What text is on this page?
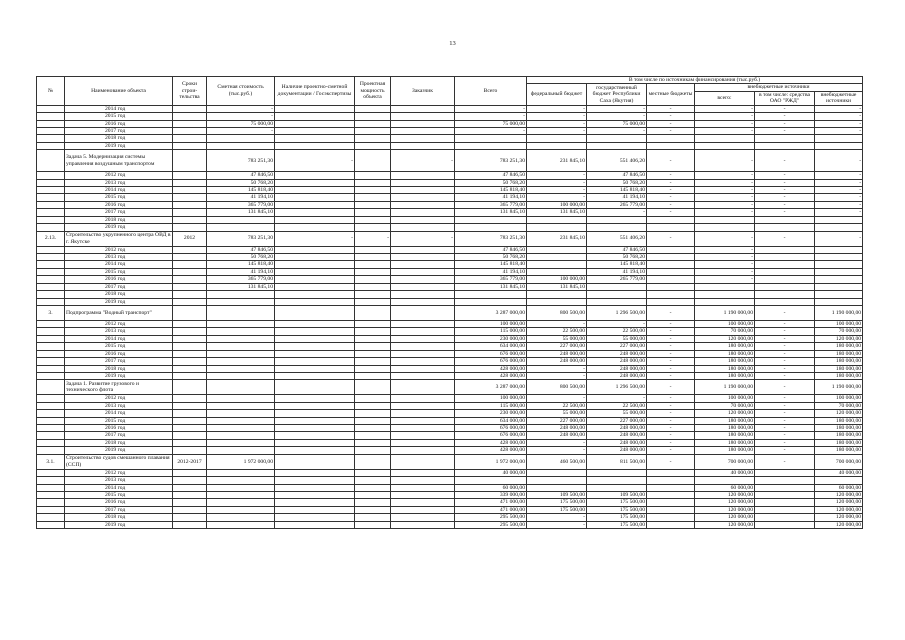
13
№	Наименование объекта	Сроки строи-тельства	Сметная стоимость (тыс.руб.)	Наличие проектно-сметной документации / Госэкспертизы	Проектная мощность объекта	Заказчик	Всего	В том числе по источникам финансирования (тыс.руб.)					
								федеральный бюджет	государственный бюджет Республики Саха (Якутия)	местные бюджеты	внебюджетные источники		
											всего:	в том числе: средства ОАО "РЖД"	внебюджетные источники
	2014 год		-				-	-	-	-	-	-	-
	2015 год		-				-	-	-	-	-	-	-
	2016 год		75 000,00				75 000,00	-	75 000,00	-	-	-	-
	2017 год		-				-	-	-	-	-	-	-
	2018 год												
	2019 год												
	Задача 5. Модернизация системы управления воздушным транспортом		783 251,30	-		-	783 251,30	231 845,10	551 406,20	-	-	-	-
	2012 год		47 846,50				47 846,50	-	47 846,50	-	-	-	-
	2013 год		50 768,20				50 768,20	-	50 768,20	-	-	-	-
	2014 год		145 818,40				145 818,40	-	145 818,40	-	-	-	-
	2015 год		41 194,10				41 194,10	-	41 194,10	-	-	-	-
	2016 год		365 779,00				365 779,00	100 000,00	265 779,00	-	-	-	-
	2017 год		131 845,10				131 845,10	131 845,10	-	-	-	-	-
	2018 год												
	2019 год												
2.13.	Строительство укрупненного центра ОВД в г. Якутске	2012	783 251,30	-	-	-	783 251,30	231 845,10	551 406,20	-	-	-	-
	2012 год		47 846,50				47 846,50		47 846,50		-		
	2013 год		50 768,20				50 768,20		50 768,20		-		
	2014 год		145 818,40				145 818,40		145 818,40		-		
	2015 год		41 194,10				41 194,10		41 194,10		-		
	2016 год		365 779,00				365 779,00	100 000,00	265 779,00		-		
	2017 год		131 845,10				131 845,10	131 845,10					
	2018 год												
	2019 год												
3.	Подпрограмма "Водный транспорт"						3 287 000,00	800 500,00	1 296 500,00	-	1 190 000,00	-	1 190 000,00
	2012 год						100 000,00	-	-	-	100 000,00	-	100 000,00
	2013 год						115 000,00	22 500,00	22 500,00	-	70 000,00	-	70 000,00
	2014 год						230 000,00	55 000,00	55 000,00	-	120 000,00	-	120 000,00
	2015 год						634 000,00	227 000,00	227 000,00	-	180 000,00	-	180 000,00
	2016 год						676 000,00	248 000,00	248 000,00	-	180 000,00	-	180 000,00
	2017 год						676 000,00	248 000,00	248 000,00	-	180 000,00	-	180 000,00
	2018 год						428 000,00	-	248 000,00	-	180 000,00	-	180 000,00
	2019 год						428 000,00	-	248 000,00	-	180 000,00	-	180 000,00
	Задача 1. Развитие грузового и технического флота						3 287 000,00	800 500,00	1 296 500,00	-	1 190 000,00	-	1 190 000,00
	2012 год						100 000,00	-	-	-	100 000,00	-	100 000,00
	2013 год						115 000,00	22 500,00	22 500,00	-	70 000,00	-	70 000,00
	2014 год						230 000,00	55 000,00	55 000,00	-	120 000,00	-	120 000,00
	2015 год						634 000,00	227 000,00	227 000,00	-	180 000,00	-	180 000,00
	2016 год						676 000,00	248 000,00	248 000,00	-	180 000,00	-	180 000,00
	2017 год						676 000,00	248 000,00	248 000,00	-	180 000,00	-	180 000,00
	2018 год						428 000,00	-	248 000,00	-	180 000,00	-	180 000,00
	2019 год						428 000,00	-	248 000,00	-	180 000,00	-	180 000,00
3.1.	Строительство судов смешанного плавания (ССП)	2012-2017	1 972 000,00				1 972 000,00	460 500,00	811 500,00	-	700 000,00	-	700 000,00
	2012 год						40 000,00				40 000,00		40 000,00
	2013 год												
	2014 год						60 000,00				60 000,00		60 000,00
	2015 год						339 000,00	109 500,00	109 500,00		120 000,00		120 000,00
	2016 год						471 000,00	175 500,00	175 500,00		120 000,00		120 000,00
	2017 год						471 000,00	175 500,00	175 500,00		120 000,00		120 000,00
	2018 год						295 500,00	-	175 500,00		120 000,00		120 000,00
	2019 год						295 500,00	-	175 500,00		120 000,00		120 000,00
